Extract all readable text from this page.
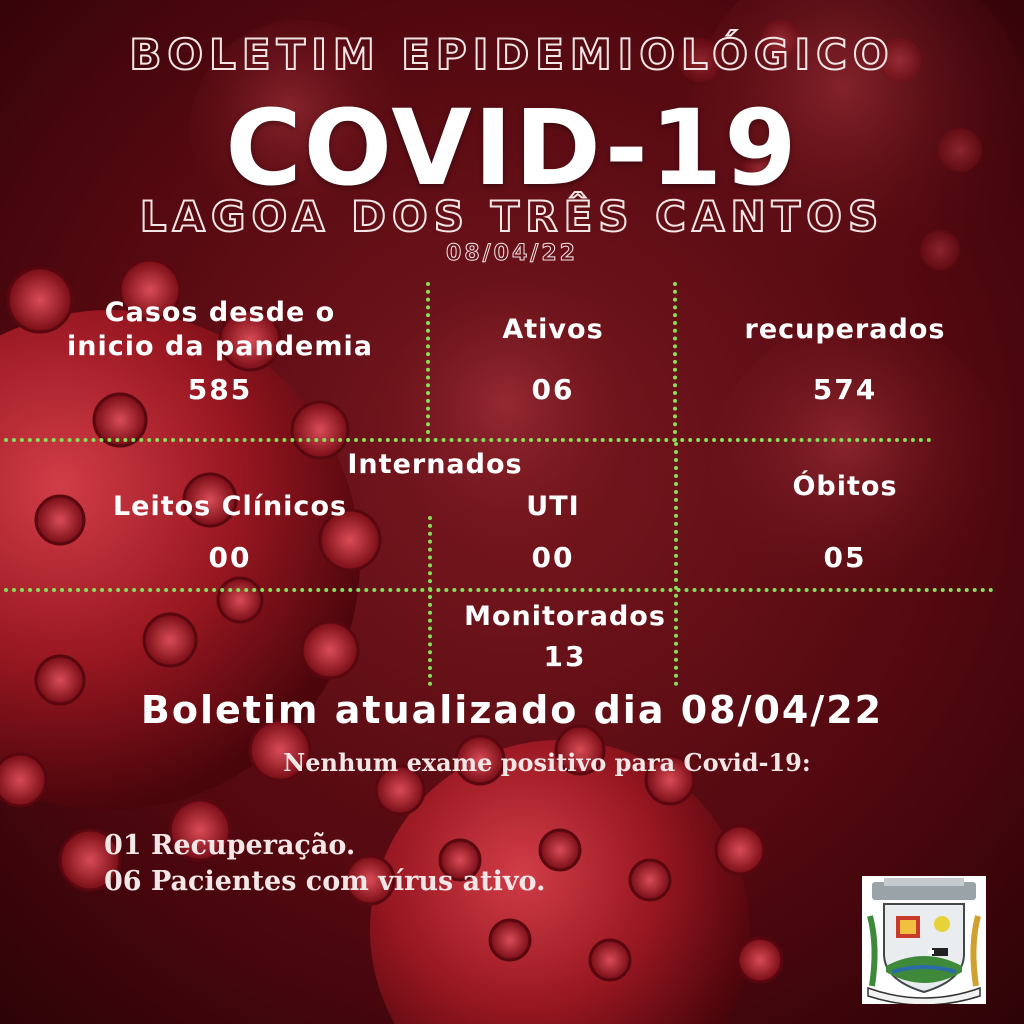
BOLETIM EPIDEMIOLÓGICO
COVID-19
LAGOA DOS TRÊS CANTOS
08/04/22
Casos desde o
inicio da pandemia
585
Ativos
06
recuperados
574
Internados
Leitos Clínicos
00
UTI
00
Óbitos
05
Monitorados
13
Boletim atualizado dia 08/04/22
Nenhum exame positivo para Covid-19:
01 Recuperação.
06 Pacientes com vírus ativo.
